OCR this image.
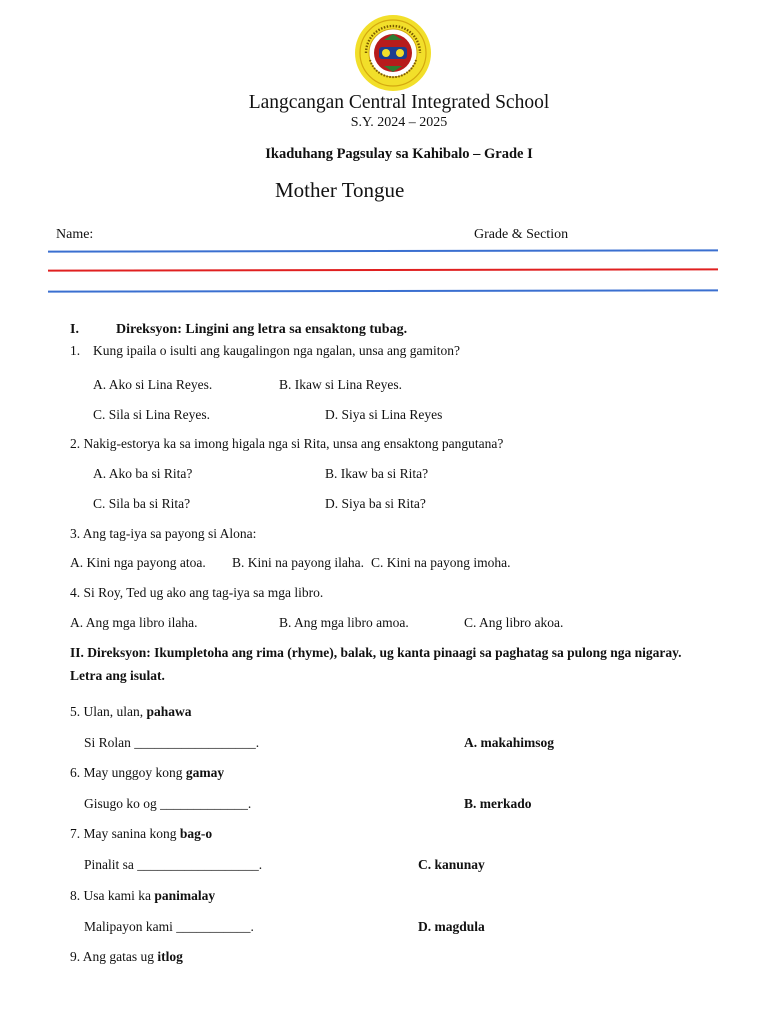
Langcangan Central Integrated School
S.Y. 2024 – 2025
Ikaduhang Pagsulay sa Kahibalo – Grade I
Mother Tongue
Name:	Grade & Section
I.	Direksyon: Lingini ang letra sa ensaktong tubag.
1. Kung ipaila o isulti ang kaugalingon nga ngalan, unsa ang gamiton?
A. Ako si Lina Reyes.	B. Ikaw si Lina Reyes.
C. Sila si Lina Reyes.	D. Siya si Lina Reyes
2. Nakig-estorya ka sa imong higala nga si Rita, unsa ang ensaktong pangutana?
A. Ako ba si Rita?	B. Ikaw ba si Rita?
C. Sila ba si Rita?	D. Siya ba si Rita?
3. Ang tag-iya sa payong si Alona:
A. Kini nga payong atoa. B. Kini na payong ilaha. C. Kini na payong imoha.
4. Si Roy, Ted ug ako ang tag-iya sa mga libro.
A. Ang mga libro ilaha.	B. Ang mga libro amoa.	C. Ang libro akoa.
II. Direksyon: Ikumpletoha ang rima (rhyme), balak, ug kanta pinaagi sa paghatag sa pulong nga nigaray.
Letra ang isulat.
5. Ulan, ulan, pahawa
Si Rolan __________________.	A. makahimsog
6. May unggoy kong gamay
Gisugo ko og _____________.	B. merkado
7. May sanina kong bag-o
Pinalit sa __________________.	C. kanunay
8. Usa kami ka panimalay
Malipayon kami ___________.	D. magdula
9. Ang gatas ug itlog
